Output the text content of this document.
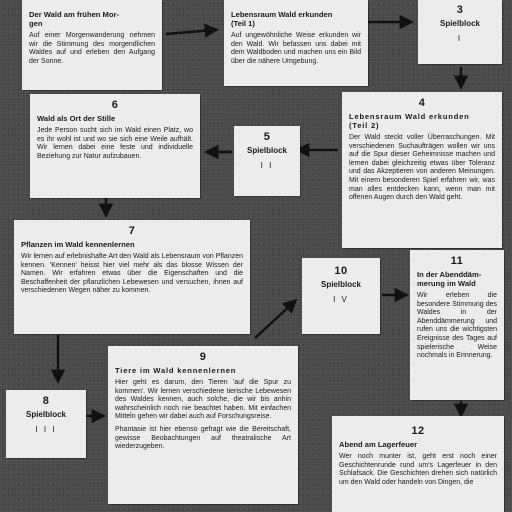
Der Wald am frühen Mor-
gen

Auf einer Morgenwanderung nehmen wir die Stimmung des morgendlichen Waldes auf und erleben den Aufgang der Sonne.

Lebensraum Wald erkunden
(Teil 1)

Auf ungewöhnliche Weise erkunden wir den Wald. Wir befassen uns dabei mit dem Waldboden und machen uns ein Bild über die nähere Umgebung.

3
Spielblock
I
4
Lebensraum Wald erkunden
(Teil 2)

Der Wald steckt voller Überraschungen. Mit verschiedenen Suchaufträgen wollen wir uns auf die Spur dieser Geheimnisse machen und lernen dabei gleichzeitig etwas über Toleranz und das Akzeptieren von anderen Meinungen. Mit einem besonderen Spiel erfahren wir, was man alles entdecken kann, wenn man mit offenen Augen durch den Wald geht.

5
Spielblock
I I
6
Wald als Ort der Stille

Jede Person sucht sich im Wald einen Platz, wo es ihr wohl ist und wo sie sich eine Weile aufhält. Wir lernen dabei eine feste und individuelle Beziehung zur Natur aufzubauen.

7
Pflanzen im Wald kennenlernen

Wir lernen auf erlebnishafte Art den Wald als Lebensraum von Pflanzen kennen. 'Kennen' heisst hier viel mehr als das blosse Wissen der Namen. Wir erfahren etwas über die Eigenschaften und die Beschaffenheit der pflanzlichen Lebewesen und versuchen, ihnen auf verschiedenen Wegen näher zu kommen.

8
Spielblock
I I I
9
Tiere im Wald kennenlernen

Hier geht es darum, den Tieren 'auf die Spur zu kommen'. Wir lernen verschiedene tierische Lebewesen des Waldes kennen, auch solche, die wir bis anhin wahrscheinlich noch nie beachtet haben. Mit einfachen Mitteln gehen wir dabei auch auf Forschungsreise.

Phantasie ist hier ebenso gefragt wie die Bereitschaft, gewisse Beobachtungen auf theatralische Art wiederzugeben.

10
Spielblock
I V
11
In der Abenddäm-
merung im Wald

Wir erleben die besondere Stimmung des Waldes in der Abenddämmerung und rufen uns die wichtigsten Ereignisse des Tages auf spielerische Weise nochmals in Erinnerung.

12
Abend am Lagerfeuer

Wer noch munter ist, geht erst noch einer Geschichtenrunde rund um's Lagerfeuer in den Schlafsack. Die Geschichten drehen sich natürlich um den Wald oder handeln von Dingen, die
